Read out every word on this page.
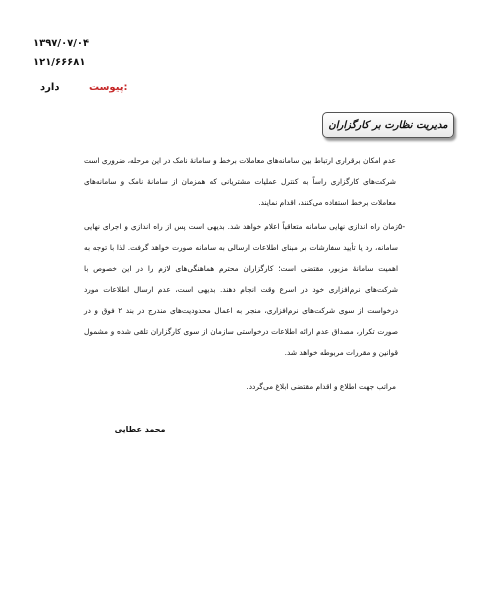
۱۳۹۷/۰۷/۰۴
۱۲۱/۶۶۶۸۱
دارد	پیوست:
مدیریت نظارت بر کارگزاران
عدم امکان برقراری ارتباط بین سامانه‌های معاملات برخط و سامانهٔ نامک در این مرحله، ضروری است شرکت‌های کارگزاری راساً به کنترل عملیات مشتریانی که همزمان از سامانهٔ نامک و سامانه‌های معاملات برخط استفاده می‌کنند، اقدام نمایند.
۵-
زمان راه اندازی نهایی سامانه متعاقباً اعلام خواهد شد. بدیهی است پس از راه اندازی و اجرای نهایی سامانه، رد یا تأیید سفارشات بر مبنای اطلاعات ارسالی به سامانه صورت خواهد گرفت. لذا با توجه به اهمیت سامانهٔ مزبور، مقتضی است؛ کارگزاران محترم هماهنگی‌های لازم را در این خصوص با شرکت‌های نرم‌افزاری خود در اسرع وقت انجام دهند. بدیهی است، عدم ارسال اطلاعات مورد درخواست از سوی شرکت‌های نرم‌افزاری، منجر به اعمال محدودیت‌های مندرج در بند ۲ فوق و در صورت تکرار، مصداق عدم ارائه اطلاعات درخواستی سازمان از سوی کارگزاران تلقی شده و مشمول قوانین و مقررات مربوطه خواهد شد.
مراتب جهت اطلاع و اقدام مقتضی ابلاغ می‌گردد.
محمد عطایی
